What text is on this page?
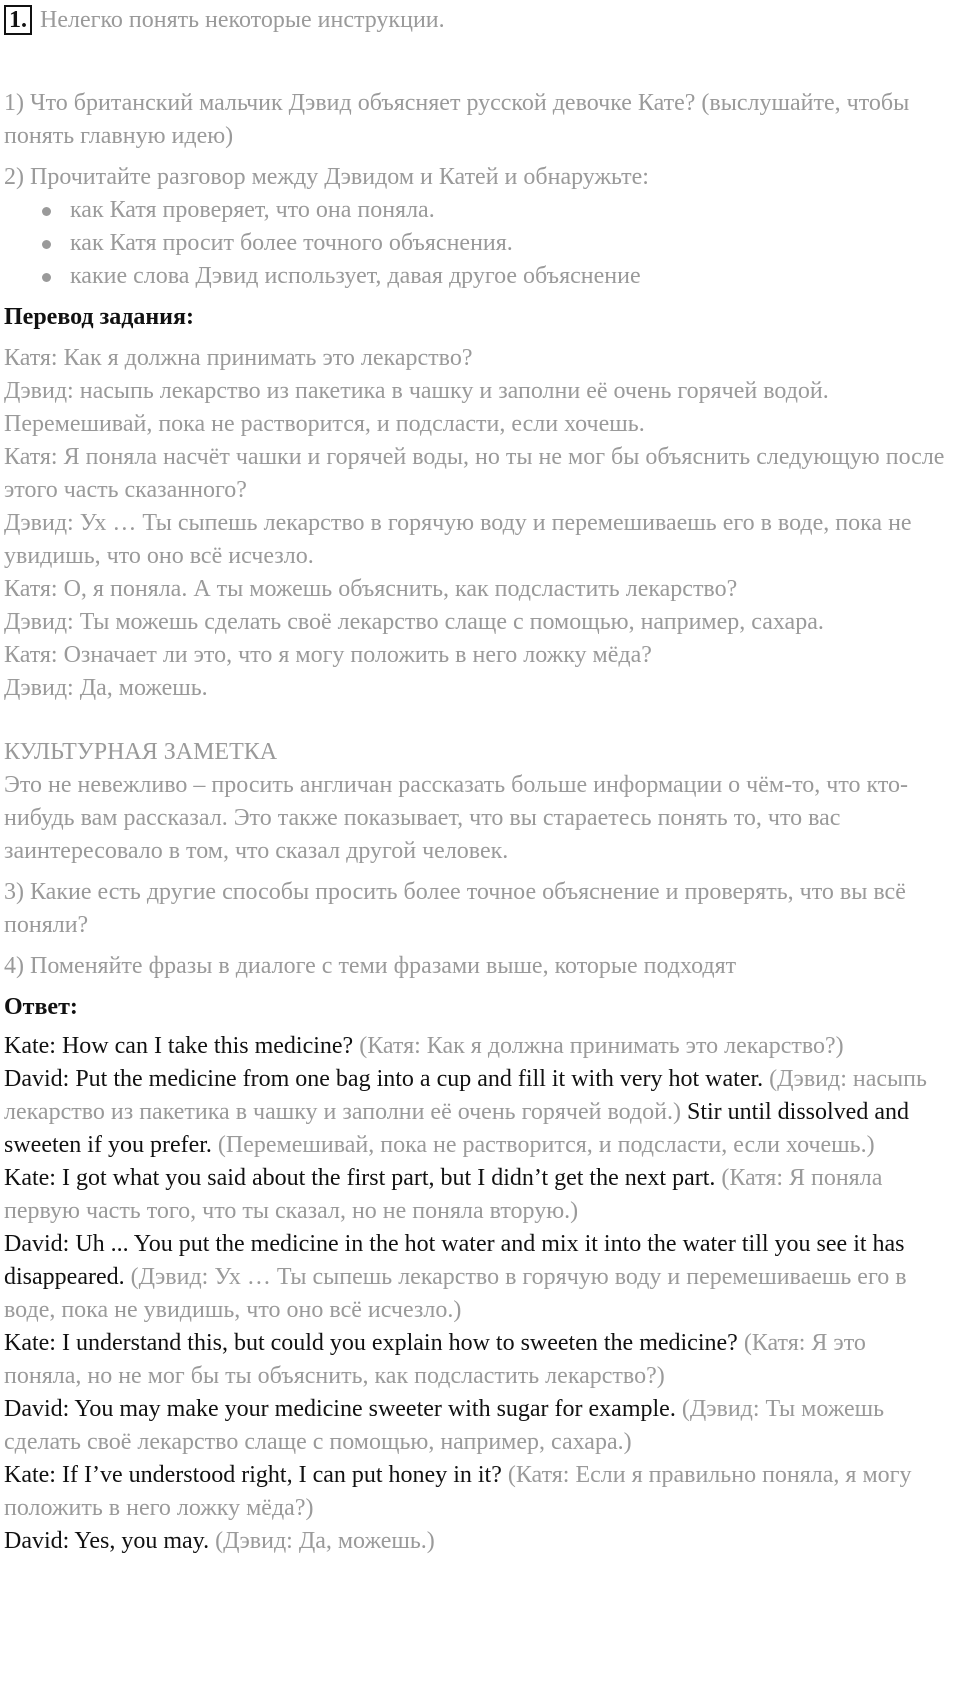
1. Нелегко понять некоторые инструкции.

1) Что британский мальчик Дэвид объясняет русской девочке Кате? (выслушайте, чтобы понять главную идею)

2) Прочитайте разговор между Дэвидом и Катей и обнаружьте:

как Катя проверяет, что она поняла.
как Катя просит более точного объяснения.
какие слова Дэвид использует, давая другое объяснение

Перевод задания:

Катя: Как я должна принимать это лекарство?

Дэвид: насыпь лекарство из пакетика в чашку и заполни её очень горячей водой. Перемешивай, пока не растворится, и подсласти, если хочешь.

Катя: Я поняла насчёт чашки и горячей воды, но ты не мог бы объяснить следующую после этого часть сказанного?

Дэвид: Ух … Ты сыпешь лекарство в горячую воду и перемешиваешь его в воде, пока не увидишь, что оно всё исчезло.

Катя: О, я поняла. А ты можешь объяснить, как подсластить лекарство?

Дэвид: Ты можешь сделать своё лекарство слаще с помощью, например, сахара.

Катя: Означает ли это, что я могу положить в него ложку мёда?

Дэвид: Да, можешь.

КУЛЬТУРНАЯ ЗАМЕТКА

Это не невежливо – просить англичан рассказать больше информации о чём-то, что кто-нибудь вам рассказал. Это также показывает, что вы стараетесь понять то, что вас заинтересовало в том, что сказал другой человек.

3) Какие есть другие способы просить более точное объяснение и проверять, что вы всё поняли?

4) Поменяйте фразы в диалоге с теми фразами выше, которые подходят

Ответ:

Kate: How can I take this medicine? (Катя: Как я должна принимать это лекарство?)

David: Put the medicine from one bag into a cup and fill it with very hot water. (Дэвид: насыпь лекарство из пакетика в чашку и заполни её очень горячей водой.) Stir until dissolved and sweeten if you prefer. (Перемешивай, пока не растворится, и подсласти, если хочешь.)

Kate: I got what you said about the first part, but I didn’t get the next part. (Катя: Я поняла первую часть того, что ты сказал, но не поняла вторую.)

David: Uh ... You put the medicine in the hot water and mix it into the water till you see it has disappeared. (Дэвид: Ух … Ты сыпешь лекарство в горячую воду и перемешиваешь его в воде, пока не увидишь, что оно всё исчезло.)

Kate: I understand this, but could you explain how to sweeten the medicine? (Катя: Я это поняла, но не мог бы ты объяснить, как подсластить лекарство?)

David: You may make your medicine sweeter with sugar for example. (Дэвид: Ты можешь сделать своё лекарство слаще с помощью, например, сахара.)

Kate: If I’ve understood right, I can put honey in it? (Катя: Если я правильно поняла, я могу положить в него ложку мёда?)

David: Yes, you may. (Дэвид: Да, можешь.)
